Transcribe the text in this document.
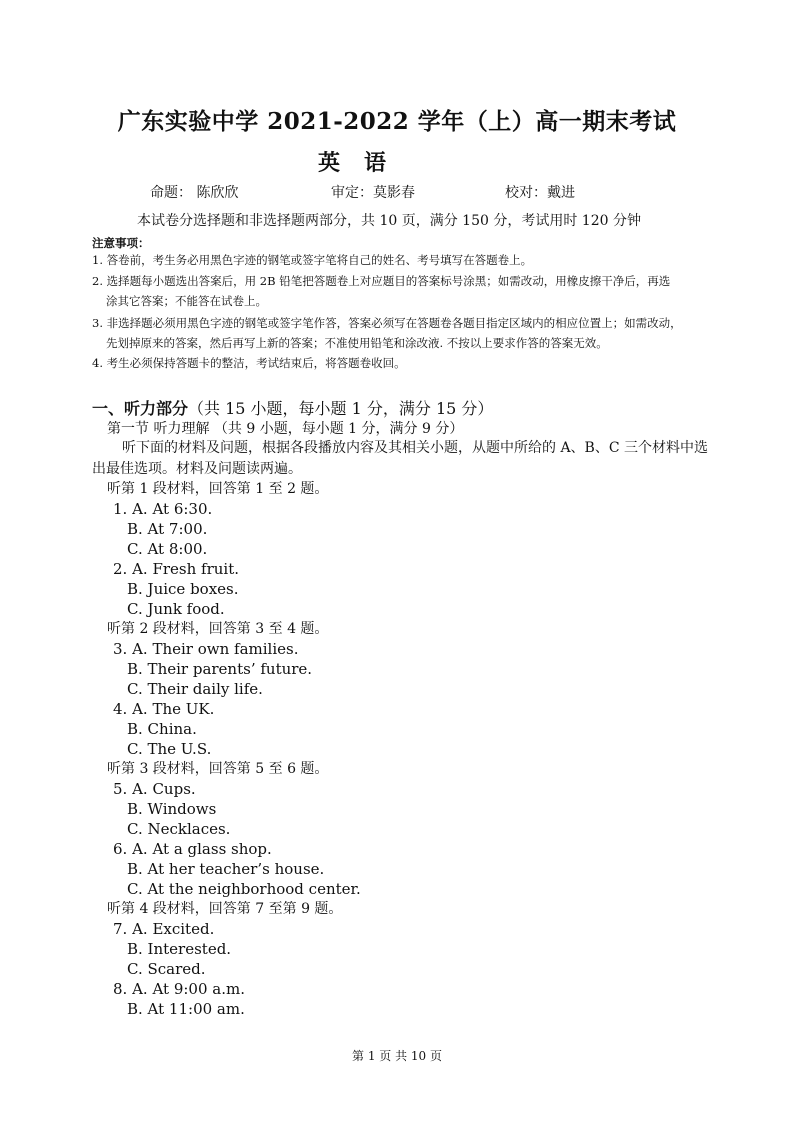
广东实验中学 2021-2022 学年（上）高一期末考试
英语
命题： 陈欣欣	审定：莫影春	校对：戴进
本试卷分选择题和非选择题两部分，共 10 页，满分 150 分，考试用时 120 分钟
注意事项：
1. 答卷前，考生务必用黑色字迹的钢笔或签字笔将自己的姓名、考号填写在答题卷上。
2. 选择题每小题选出答案后，用 2B 铅笔把答题卷上对应题目的答案标号涂黑；如需改动，用橡皮擦干净后，再选
涂其它答案；不能答在试卷上。
3. 非选择题必须用黑色字迹的钢笔或签字笔作答，答案必须写在答题卷各题目指定区域内的相应位置上；如需改动，
先划掉原来的答案，然后再写上新的答案；不准使用铅笔和涂改液. 不按以上要求作答的答案无效。
4. 考生必须保持答题卡的整洁，考试结束后，将答题卷收回。
一、听力部分（共 15 小题，每小题 1 分，满分 15 分）
第一节 听力理解 （共 9 小题，每小题 1 分，满分 9 分）
听下面的材料及问题，根据各段播放内容及其相关小题，从题中所给的 A、B、C 三个材料中选
出最佳选项。材料及问题读两遍。
听第 1 段材料，回答第 1 至 2 题。
1. A. At 6:30.
B. At 7:00.
C. At 8:00.
2. A. Fresh fruit.
B. Juice boxes.
C. Junk food.
听第 2 段材料，回答第 3 至 4 题。
3. A. Their own families.
B. Their parents’ future.
C. Their daily life.
4. A. The UK.
B. China.
C. The U.S.
听第 3 段材料，回答第 5 至 6 题。
5. A. Cups.
B. Windows
C. Necklaces.
6. A. At a glass shop.
B. At her teacher’s house.
C. At the neighborhood center.
听第 4 段材料，回答第 7 至第 9 题。
7. A. Excited.
B. Interested.
C. Scared.
8. A. At 9:00 a.m.
B. At 11:00 am.
第 1 页 共 10 页
